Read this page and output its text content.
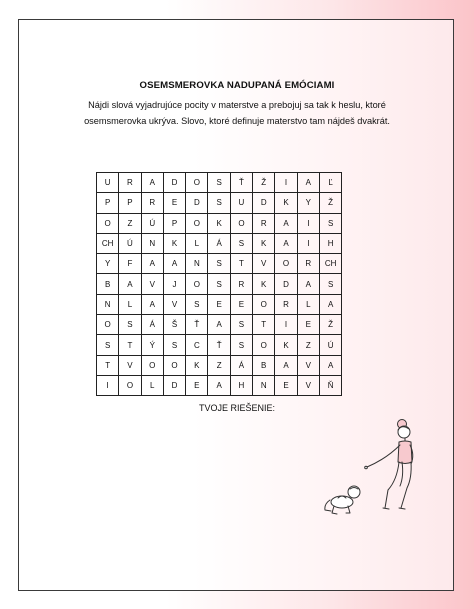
OSEMSMEROVKA NADUPANÁ EMÓCIAMI
Nájdi slová vyjadrujúce pocity v materstve a prebojuj sa tak k heslu, ktoré
osemsmerovka ukrýva. Slovo, ktoré definuje materstvo tam nájdeš dvakrát.
U	R	A	D	O	S	Ť	Ž	I	A	Ľ
P	P	R	E	D	S	U	D	K	Y	Ž
O	Z	Ú	P	O	K	O	R	A	I	S
CH	Ú	N	K	L	Á	S	K	A	I	H
Y	F	A	A	N	S	T	V	O	R	CH
B	A	V	J	O	S	R	K	D	A	S
N	L	A	V	S	E	E	O	R	L	A
O	S	Á	Š	Ť	A	S	T	I	E	Ž
S	T	Ý	S	C	Ť	S	O	K	Z	Ú
T	V	O	O	K	Z	Á	B	A	V	A
I	O	L	D	E	A	H	N	E	V	Ň
TVOJE RIEŠENIE:
